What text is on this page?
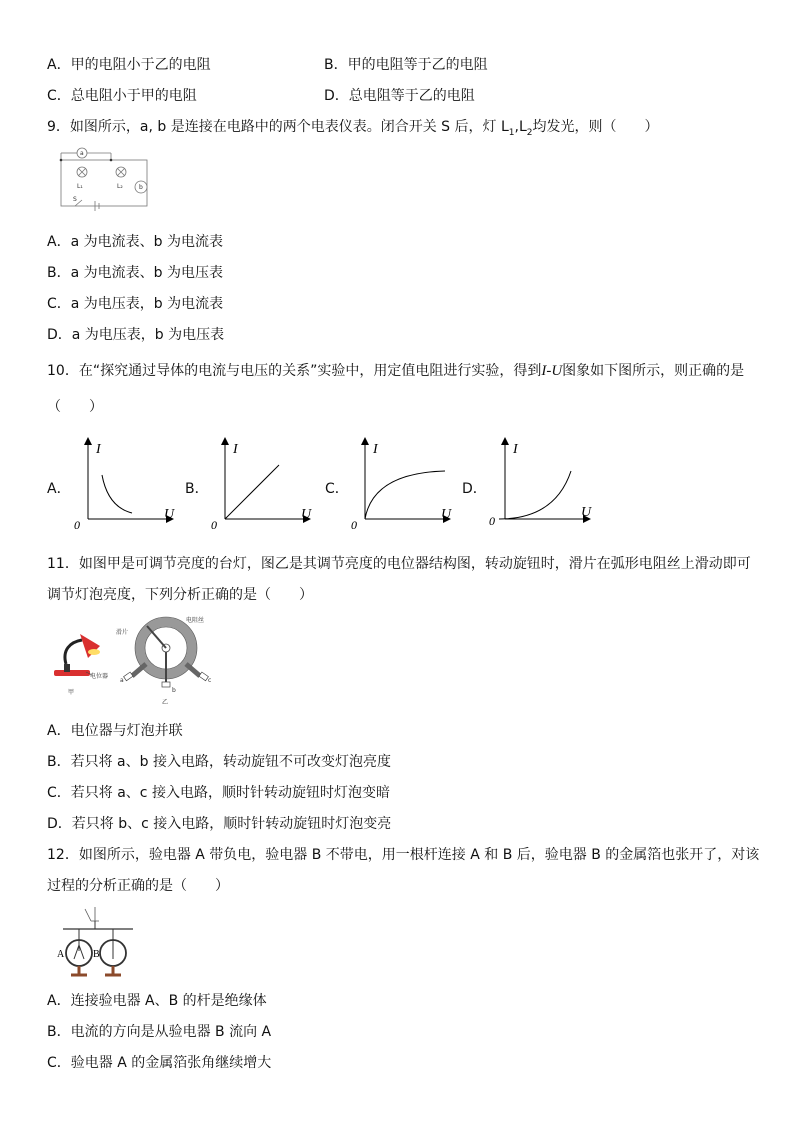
A．甲的电阻小于乙的电阻	B．甲的电阻等于乙的电阻
C．总电阻小于甲的电阻	D．总电阻等于乙的电阻
9．如图所示，a, b 是连接在电路中的两个电表仪表。闭合开关 S 后，灯 $L_1,L_2$均发光，则（　　）
a
b
L₁	L₂
S
A．a 为电流表、b 为电流表
B．a 为电流表、b 为电压表
C．a 为电压表，b 为电流表
D．a 为电压表，b 为电压表
10．在“探究通过导体的电流与电压的关系”实验中，用定值电阻进行实验，得到I-U图象如下图所示，则正确的是
（　　）
A．
I
U
0
B．
I
U
0
C．
I
U
0
D．
I
U
0
11．如图甲是可调节亮度的台灯，图乙是其调节亮度的电位器结构图，转动旋钮时，滑片在弧形电阻丝上滑动即可
调节灯泡亮度，下列分析正确的是（　　）
电位器
甲
滑片
电阻丝
a
b
c
乙
A．电位器与灯泡并联
B．若只将 a、b 接入电路，转动旋钮不可改变灯泡亮度
C．若只将 a、c 接入电路，顺时针转动旋钮时灯泡变暗
D．若只将 b、c 接入电路，顺时针转动旋钮时灯泡变亮
12．如图所示，验电器 A 带负电，验电器 B 不带电，用一根杆连接 A 和 B 后，验电器 B 的金属箔也张开了，对该
过程的分析正确的是（　　）
A	B
A．连接验电器 A、B 的杆是绝缘体
B．电流的方向是从验电器 B 流向 A
C．验电器 A 的金属箔张角继续增大
